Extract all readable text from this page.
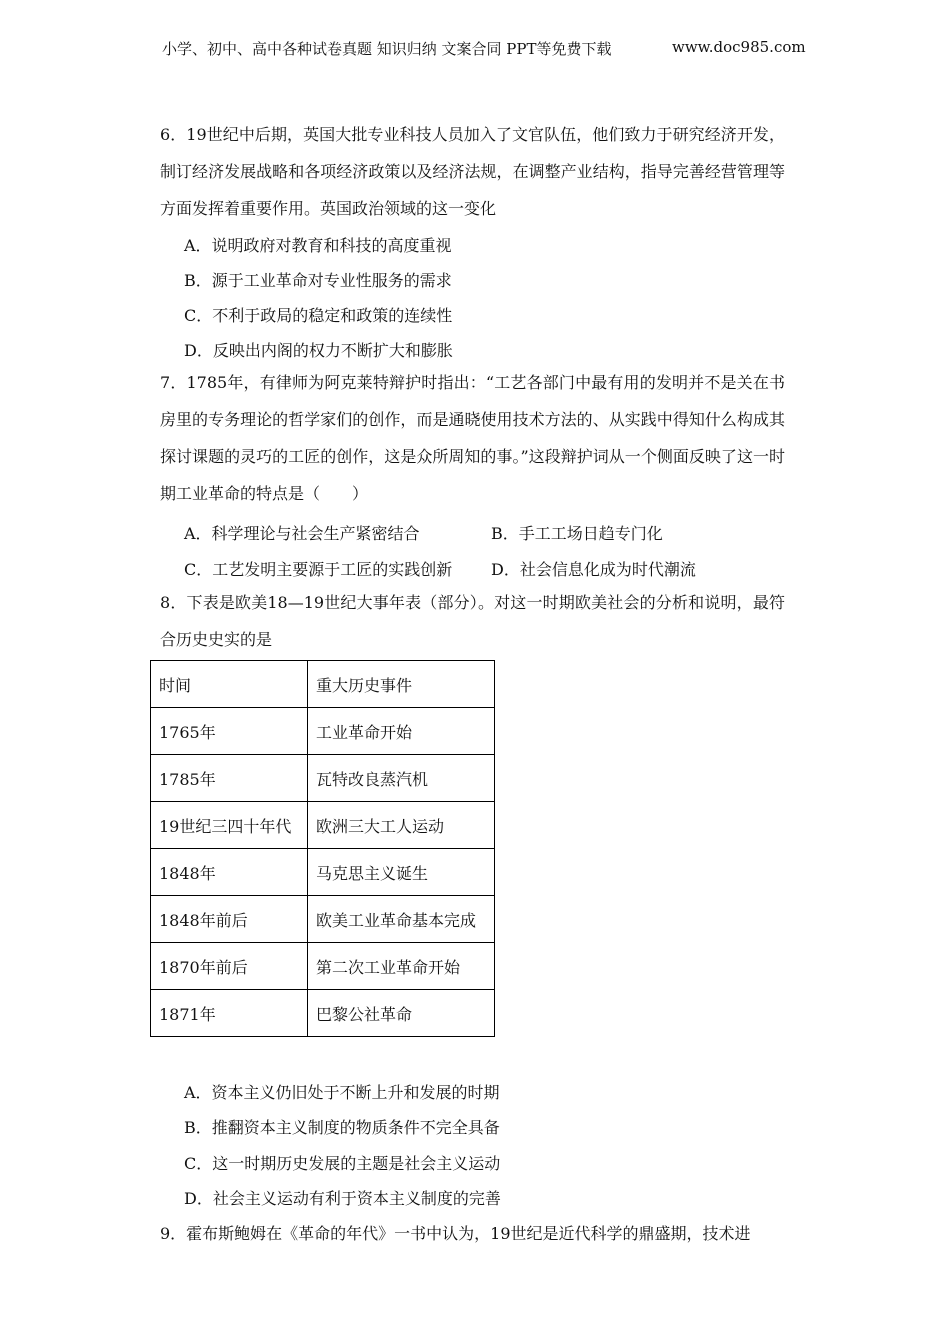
小学、初中、高中各种试卷真题 知识归纳 文案合同 PPT等免费下载	www.doc985.com
6．19世纪中后期，英国大批专业科技人员加入了文官队伍，他们致力于研究经济开发，制订经济发展战略和各项经济政策以及经济法规，在调整产业结构，指导完善经营管理等方面发挥着重要作用。英国政治领域的这一变化
A．说明政府对教育和科技的高度重视
B．源于工业革命对专业性服务的需求
C．不利于政局的稳定和政策的连续性
D．反映出内阁的权力不断扩大和膨胀
7．1785年，有律师为阿克莱特辩护时指出：“工艺各部门中最有用的发明并不是关在书房里的专务理论的哲学家们的创作，而是通晓使用技术方法的、从实践中得知什么构成其探讨课题的灵巧的工匠的创作，这是众所周知的事。”这段辩护词从一个侧面反映了这一时期工业革命的特点是（　　）
A．科学理论与社会生产紧密结合	B．手工工场日趋专门化
C．工艺发明主要源于工匠的实践创新 D．社会信息化成为时代潮流
8．下表是欧美18—19世纪大事年表（部分）。对这一时期欧美社会的分析和说明，最符合历史史实的是
时间	重大历史事件
1765年	工业革命开始
1785年	瓦特改良蒸汽机
19世纪三四十年代	欧洲三大工人运动
1848年	马克思主义诞生
1848年前后	欧美工业革命基本完成
1870年前后	第二次工业革命开始
1871年	巴黎公社革命
A．资本主义仍旧处于不断上升和发展的时期
B．推翻资本主义制度的物质条件不完全具备
C．这一时期历史发展的主题是社会主义运动
D．社会主义运动有利于资本主义制度的完善
9．霍布斯鲍姆在《革命的年代》一书中认为，19世纪是近代科学的鼎盛期，技术进
